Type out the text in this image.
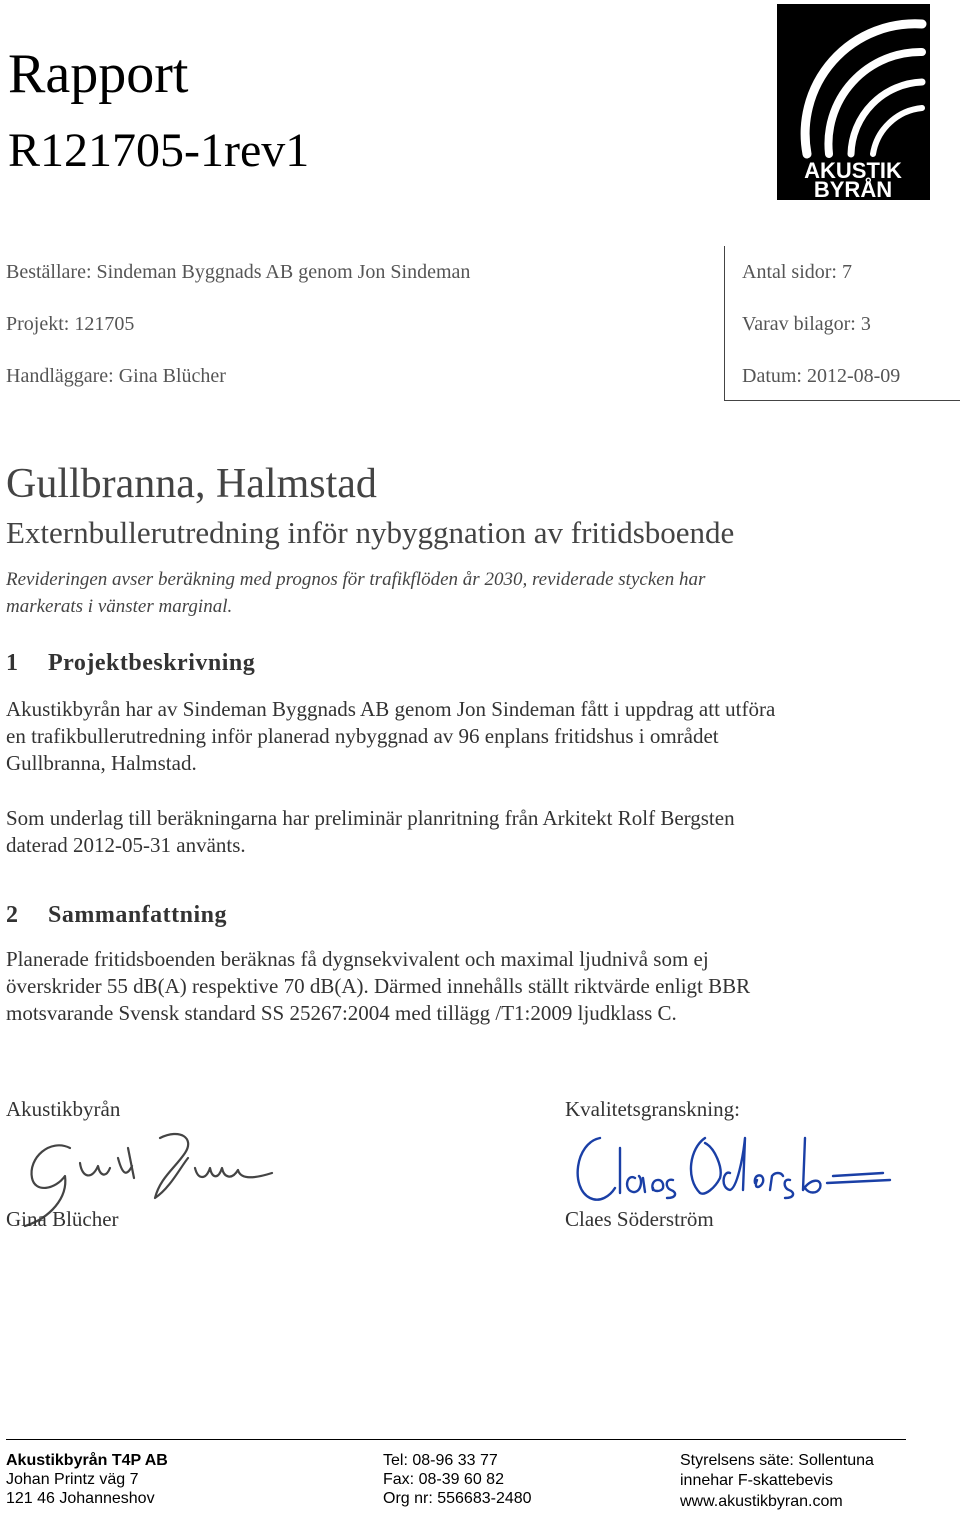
Rapport
R121705-1rev1	AKUSTIK
BYRÅN
Beställare: Sindeman Byggnads AB genom Jon Sindeman
Projekt: 121705
Handläggare: Gina Blücher
Antal sidor: 7
Varav bilagor: 3
Datum: 2012-08-09
Gullbranna, Halmstad
Externbullerutredning inför nybyggnation av fritidsboende
Revideringen avser beräkning med prognos för trafikflöden år 2030, reviderade stycken har
markerats i vänster marginal.
1 Projektbeskrivning
Akustikbyrån har av Sindeman Byggnads AB genom Jon Sindeman fått i uppdrag att utföra
en trafikbullerutredning inför planerad nybyggnad av 96 enplans fritidshus i området
Gullbranna, Halmstad.
Som underlag till beräkningarna har preliminär planritning från Arkitekt Rolf Bergsten
daterad 2012-05-31 använts.
2 Sammanfattning
Planerade fritidsboenden beräknas få dygnsekvivalent och maximal ljudnivå som ej
överskrider 55 dB(A) respektive 70 dB(A). Därmed innehålls ställt riktvärde enligt BBR
motsvarande Svensk standard SS 25267:2004 med tillägg /T1:2009 ljudklass C.
Akustikbyrån
Gina Blücher
Kvalitetsgranskning:
Claes Söderström
Akustikbyrån T4P AB
Johan Printz väg 7
121 46 Johanneshov
Tel: 08-96 33 77
Fax: 08-39 60 82
Org nr: 556683-2480
Styrelsens säte: Sollentuna
innehar F-skattebevis
www.akustikbyran.com
